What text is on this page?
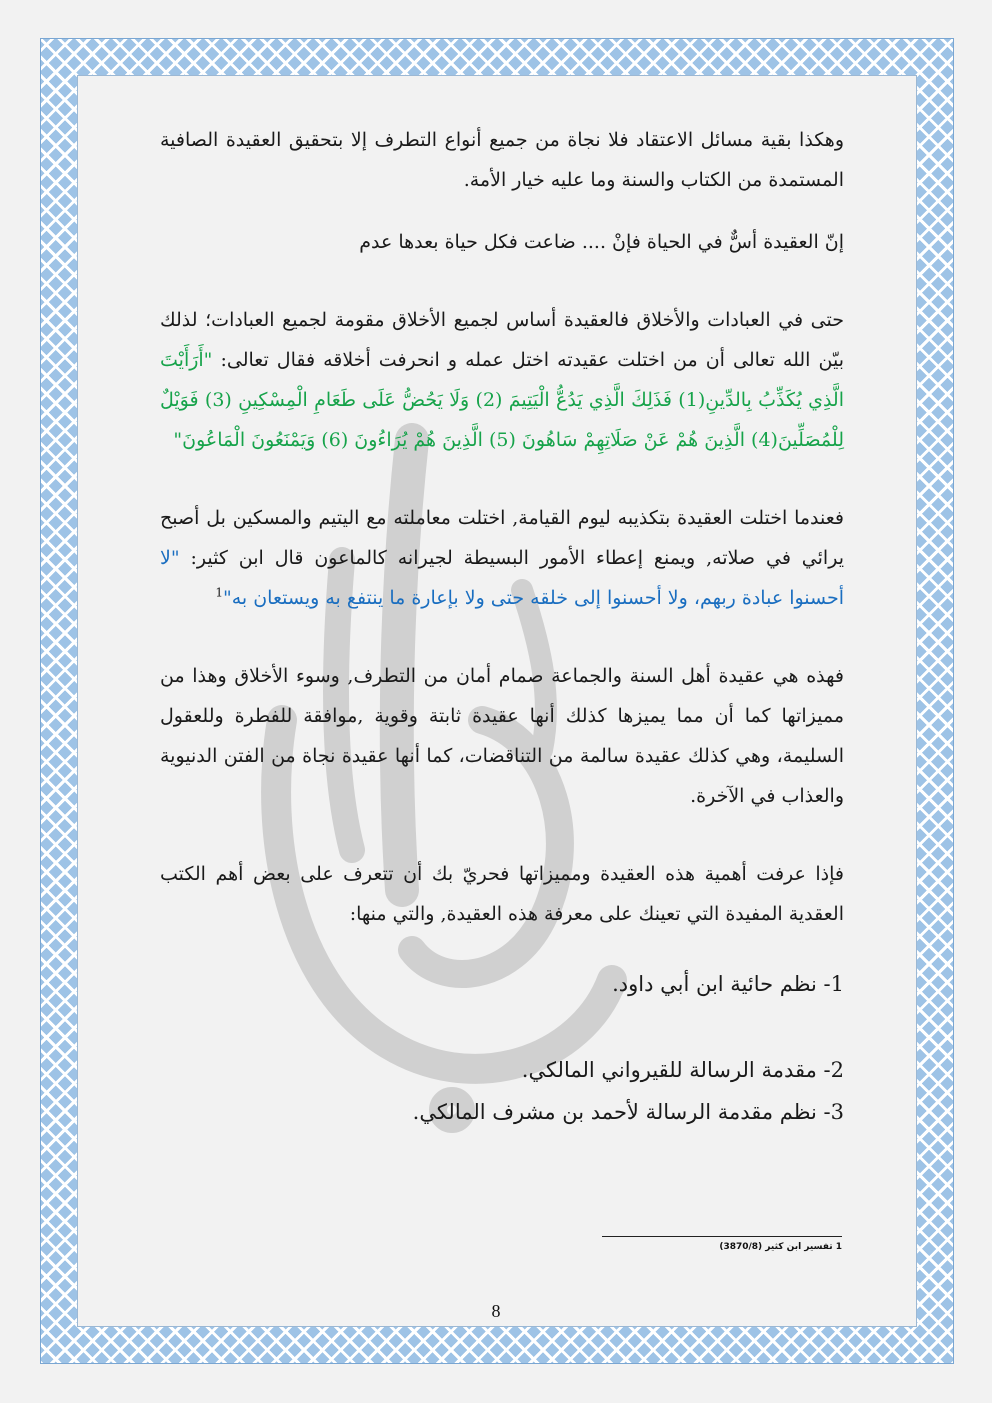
وهكذا بقية مسائل الاعتقاد فلا نجاة من جميع أنواع التطرف إلا بتحقيق العقيدة الصافية المستمدة من الكتاب والسنة وما عليه خيار الأمة.

إنّ العقيدة أسٌّ في الحياة فإنْ .... ضاعت فكل حياة بعدها عدم

حتى في العبادات والأخلاق فالعقيدة أساس لجميع الأخلاق مقومة لجميع العبادات؛ لذلك بيّن الله تعالى أن من اختلت عقيدته اختل عمله و انحرفت أخلاقه فقال تعالى: "أَرَأَيْتَ الَّذِي يُكَذِّبُ بِالدِّينِ(1) فَذَلِكَ الَّذِي يَدُعُّ الْيَتِيمَ (2) وَلَا يَحُضُّ عَلَى طَعَامِ الْمِسْكِينِ (3) فَوَيْلٌ لِلْمُصَلِّينَ(4) الَّذِينَ هُمْ عَنْ صَلَاتِهِمْ سَاهُونَ (5) الَّذِينَ هُمْ يُرَاءُونَ (6) وَيَمْنَعُونَ الْمَاعُونَ"

فعندما اختلت العقيدة بتكذيبه ليوم القيامة, اختلت معاملته مع اليتيم والمسكين بل أصبح يرائي في صلاته, ويمنع إعطاء الأمور البسيطة لجيرانه كالماعون قال ابن كثير: "لا أحسنوا عبادة ربهم، ولا أحسنوا إلى خلقه حتى ولا بإعارة ما ينتفع به ويستعان به"$^1$

فهذه هي عقيدة أهل السنة والجماعة صمام أمان من التطرف, وسوء الأخلاق وهذا من مميزاتها كما أن مما يميزها كذلك أنها عقيدة ثابتة وقوية ,موافقة للفطرة وللعقول السليمة، وهي كذلك عقيدة سالمة من التناقضات، كما أنها عقيدة نجاة من الفتن الدنيوية والعذاب في الآخرة.

فإذا عرفت أهمية هذه العقيدة ومميزاتها فحريّ بك أن تتعرف على بعض أهم الكتب العقدية المفيدة التي تعينك على معرفة هذه العقيدة, والتي منها:

1- نظم حائية ابن أبي داود.

2- مقدمة الرسالة للقيرواني المالكي.

3- نظم مقدمة الرسالة لأحمد بن مشرف المالكي.

1 تفسير ابن كثير (3870/8)
8
